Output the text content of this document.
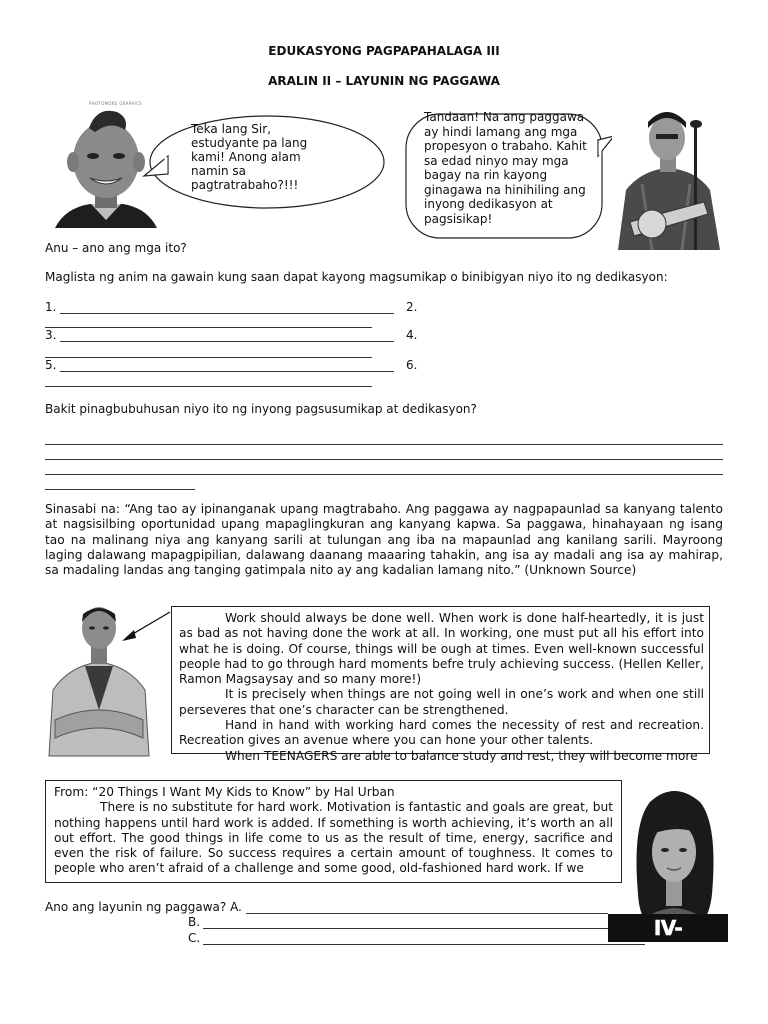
EDUKASYONG PAGPAPAHALAGA III
ARALIN II – LAYUNIN NG PAGGAWA
PHOTOMORE GRAPHICS
Teka lang Sir, estudyante pa lang kami! Anong alam namin sa pagtratrabaho?!!!
Tandaan! Na ang paggawa ay hindi lamang ang mga propesyon o trabaho. Kahit sa edad ninyo may mga bagay na rin kayong ginagawa na hinihiling ang inyong dedikasyon at pagsisikap!
Anu – ano ang mga ito?
Maglista ng anim na gawain kung saan dapat kayong magsumikap o binibigyan niyo ito ng dedikasyon:
1.	2.
3.	4.
5.	6.
Bakit pinagbubuhusan niyo ito ng inyong pagsusumikap at dedikasyon?
Sinasabi na: “Ang tao ay ipinanganak upang magtrabaho. Ang paggawa ay nagpapaunlad sa kanyang talento at nagsisilbing oportunidad upang mapaglingkuran ang kanyang kapwa. Sa paggawa, hinahayaan ng isang tao na malinang niya ang kanyang sarili at tulungan ang iba na mapaunlad ang kanilang sarili. Mayroong laging dalawang mapagpipilian, dalawang daanang maaaring tahakin, ang isa ay madali ang isa ay mahirap, sa madaling landas ang tanging gatimpala nito ay ang kadalian lamang nito.” (Unknown Source)
Work should always be done well. When work is done half-heartedly, it is just as bad as not having done the work at all. In working, one must put all his effort into what he is doing. Of course, things will be ough at times. Even well-known successful people had to go through hard moments befre truly achieving success. (Hellen Keller, Ramon Magsaysay and so many more!)
It is precisely when things are not going well in one’s work and when one still perseveres that one’s character can be strengthened.
Hand in hand with working hard comes the necessity of rest and recreation. Recreation gives an avenue where you can hone your other talents.
When TEENAGERS are able to balance study and rest, they will become more
From: “20 Things I Want My Kids to Know” by Hal Urban
There is no substitute for hard work. Motivation is fantastic and goals are great, but nothing happens until hard work is added. If something is worth achieving, it’s worth an all out effort. The good things in life come to us as the result of time, energy, sacrifice and even the risk of failure. So success requires a certain amount of toughness. It comes to people who aren’t afraid of a challenge and some good, old-fashioned hard work. If we
IV-DIAMOND
Ano ang layunin ng paggawa? A.
B.
C.
